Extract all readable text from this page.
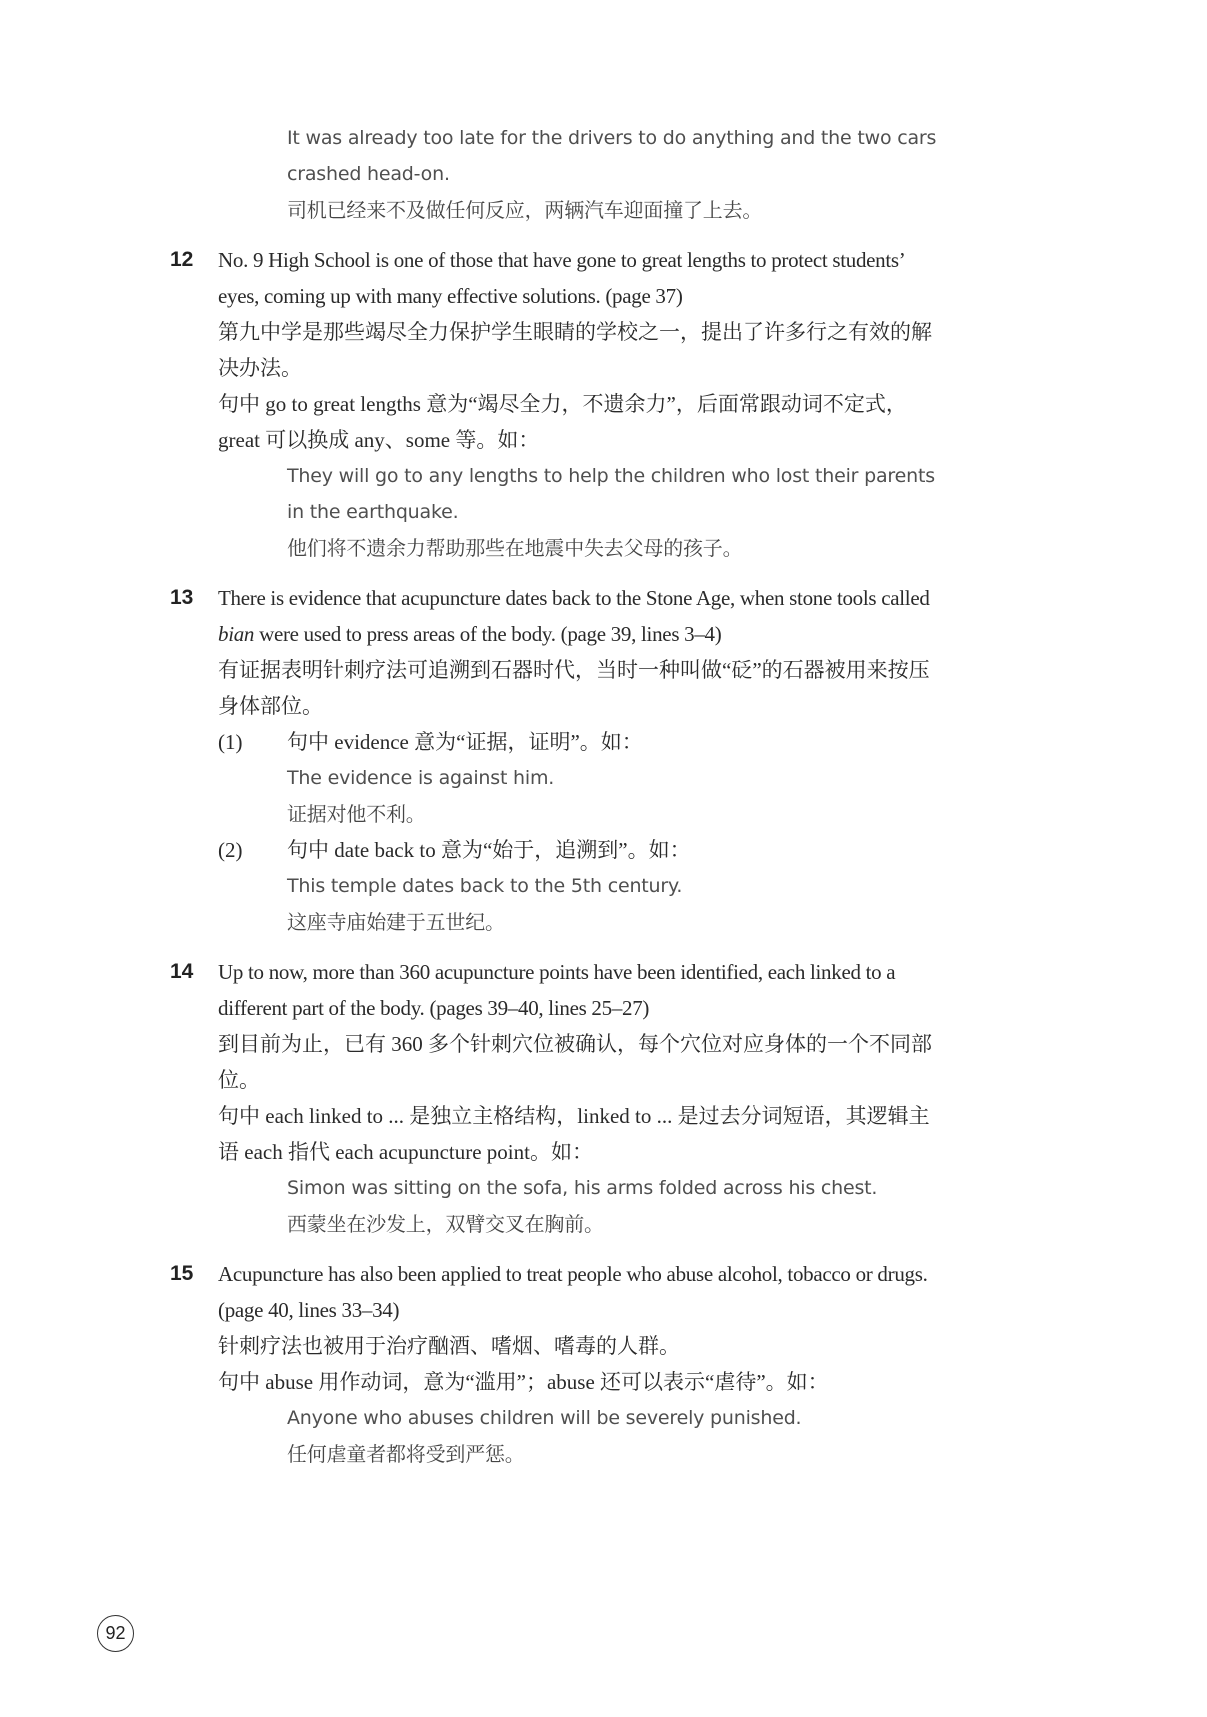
It was already too late for the drivers to do anything and the two cars crashed head-on.

司机已经来不及做任何反应，两辆汽车迎面撞了上去。

12	No. 9 High School is one of those that have gone to great lengths to protect students’ eyes, coming up with many effective solutions. (page 37)

第九中学是那些竭尽全力保护学生眼睛的学校之一，提出了许多行之有效的解决办法。

句中 go to great lengths 意为“竭尽全力，不遗余力”，后面常跟动词不定式，great 可以换成 any、some 等。如：

They will go to any lengths to help the children who lost their parents in the earthquake.

他们将不遗余力帮助那些在地震中失去父母的孩子。

13	There is evidence that acupuncture dates back to the Stone Age, when stone tools called bian were used to press areas of the body. (page 39, lines 3–4)

有证据表明针刺疗法可追溯到石器时代，当时一种叫做“砭”的石器被用来按压身体部位。

(1)	句中 evidence 意为“证据，证明”。如：

The evidence is against him.

证据对他不利。

(2)	句中 date back to 意为“始于，追溯到”。如：

This temple dates back to the 5th century.

这座寺庙始建于五世纪。

14	Up to now, more than 360 acupuncture points have been identified, each linked to a different part of the body. (pages 39–40, lines 25–27)

到目前为止，已有 360 多个针刺穴位被确认，每个穴位对应身体的一个不同部位。

句中 each linked to ... 是独立主格结构，linked to ... 是过去分词短语，其逻辑主语 each 指代 each acupuncture point。如：

Simon was sitting on the sofa, his arms folded across his chest.

西蒙坐在沙发上，双臂交叉在胸前。

15	Acupuncture has also been applied to treat people who abuse alcohol, tobacco or drugs. (page 40, lines 33–34)

针刺疗法也被用于治疗酗酒、嗜烟、嗜毒的人群。

句中 abuse 用作动词，意为“滥用”；abuse 还可以表示“虐待”。如：

Anyone who abuses children will be severely punished.

任何虐童者都将受到严惩。

92
